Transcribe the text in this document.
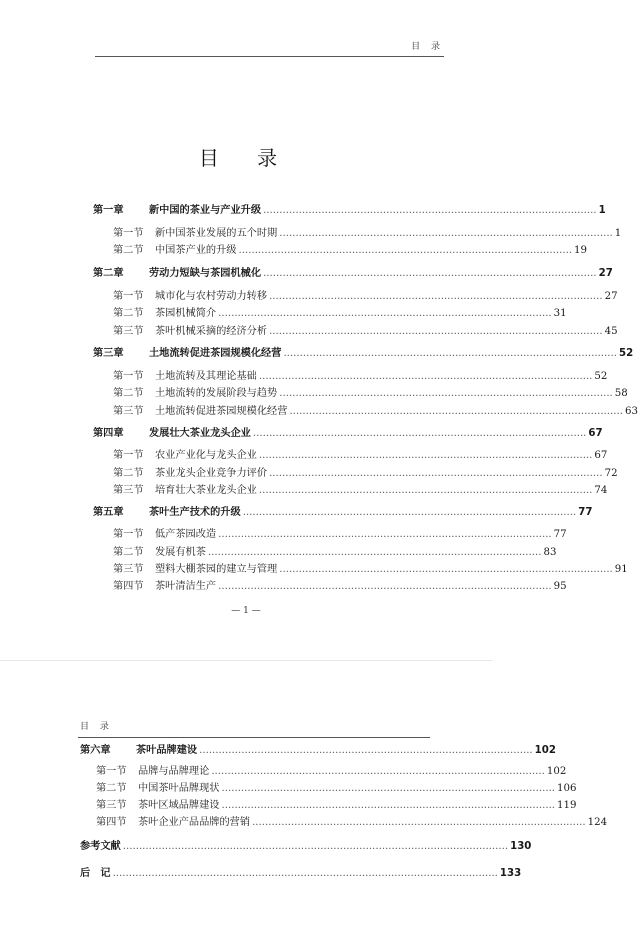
目 录
目 录
第一章 新中国的茶业与产业升级 ....................................................................................................... 1
第一节 新中国茶业发展的五个时期 ....................................................................................................... 1
第二节 中国茶产业的升级 ....................................................................................................... 19
第二章 劳动力短缺与茶园机械化 ....................................................................................................... 27
第一节 城市化与农村劳动力转移 ....................................................................................................... 27
第二节 茶园机械简介 ....................................................................................................... 31
第三节 茶叶机械采摘的经济分析 ....................................................................................................... 45
第三章 土地流转促进茶园规模化经营 ....................................................................................................... 52
第一节 土地流转及其理论基础 ....................................................................................................... 52
第二节 土地流转的发展阶段与趋势 ....................................................................................................... 58
第三节 土地流转促进茶园规模化经营 ....................................................................................................... 63
第四章 发展壮大茶业龙头企业 ....................................................................................................... 67
第一节 农业产业化与龙头企业 ....................................................................................................... 67
第二节 茶业龙头企业竞争力评价 ....................................................................................................... 72
第三节 培育壮大茶业龙头企业 ....................................................................................................... 74
第五章 茶叶生产技术的升级 ....................................................................................................... 77
第一节 低产茶园改造 ....................................................................................................... 77
第二节 发展有机茶 ....................................................................................................... 83
第三节 塑料大棚茶园的建立与管理 ....................................................................................................... 91
第四节 茶叶清洁生产 ....................................................................................................... 95
— 1 —
目 录
第六章 茶叶品牌建设 ....................................................................................................... 102
第一节 品牌与品牌理论 ....................................................................................................... 102
第二节 中国茶叶品牌现状 ....................................................................................................... 106
第三节 茶叶区域品牌建设 ....................................................................................................... 119
第四节 茶叶企业产品品牌的营销 ....................................................................................................... 124
参考文献 ....................................................................................................................... 130
后　记 ....................................................................................................................... 133
